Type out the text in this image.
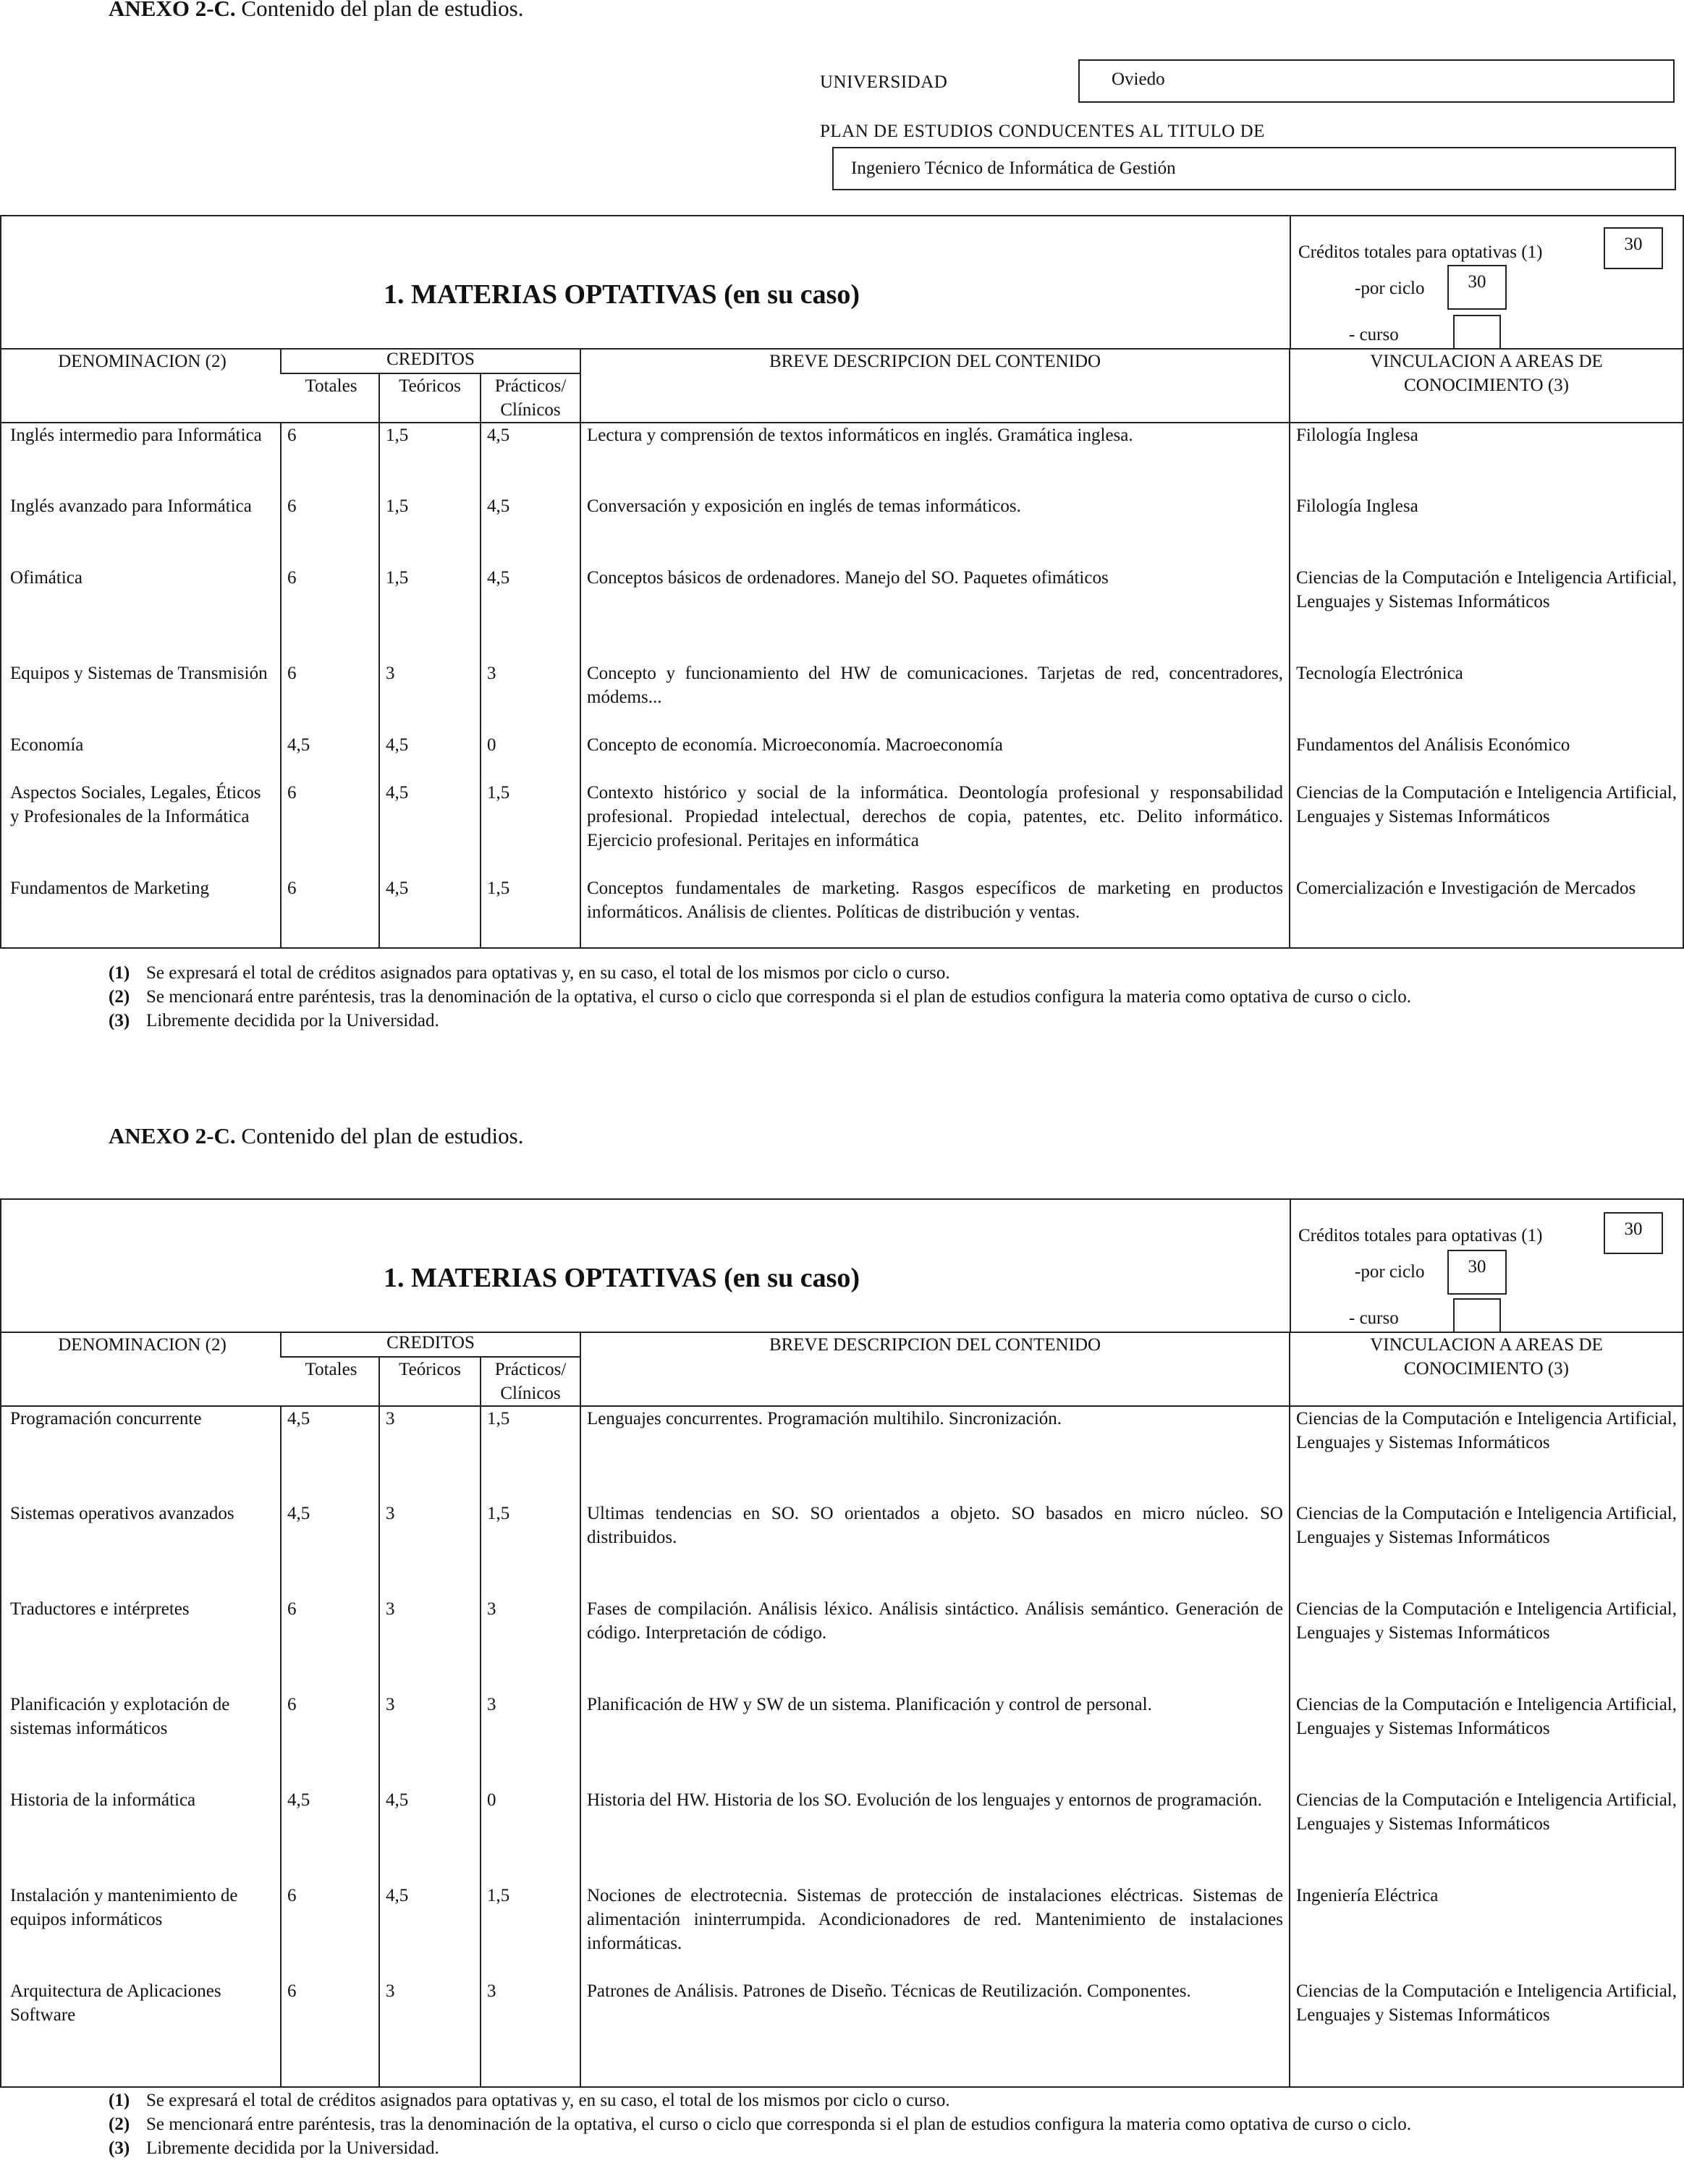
ANEXO 2-C. Contenido del plan de estudios.
UNIVERSIDAD	Oviedo
PLAN DE ESTUDIOS CONDUCENTES AL TITULO DE
Ingeniero Técnico de Informática de Gestión
1. MATERIAS OPTATIVAS (en su caso)
Créditos totales para optativas (1)	30
-por ciclo	30
- curso
DENOMINACION (2)	CREDITOS			BREVE DESCRIPCION DEL CONTENIDO	VINCULACION A AREAS DE
CONOCIMIENTO (3)

	Totales	Teóricos	Prácticos/
Clínicos		

Inglés intermedio para Informática	6	1,5	4,5	Lectura y comprensión de textos informáticos en inglés. Gramática inglesa.	Filología Inglesa
Inglés avanzado para Informática	6	1,5	4,5	Conversación y exposición en inglés de temas informáticos.	Filología Inglesa
Ofimática	6	1,5	4,5	Conceptos básicos de ordenadores. Manejo del SO. Paquetes ofimáticos	Ciencias de la Computación e Inteligencia Artificial, Lenguajes y Sistemas Informáticos
Equipos y Sistemas de Transmisión	6	3	3	Concepto y funcionamiento del HW de comunicaciones. Tarjetas de red, concentradores, módems...	Tecnología Electrónica
Economía	4,5	4,5	0	Concepto de economía. Microeconomía. Macroeconomía	Fundamentos del Análisis Económico
Aspectos Sociales, Legales, Éticos y Profesionales de la Informática	6	4,5	1,5	Contexto histórico y social de la informática. Deontología profesional y responsabilidad profesional. Propiedad intelectual, derechos de copia, patentes, etc. Delito informático. Ejercicio profesional. Peritajes en informática	Ciencias de la Computación e Inteligencia Artificial, Lenguajes y Sistemas Informáticos
Fundamentos de Marketing	6	4,5	1,5	Conceptos fundamentales de marketing. Rasgos específicos de marketing en productos informáticos. Análisis de clientes. Políticas de distribución y ventas.	Comercialización e Investigación de Mercados
(1) Se expresará el total de créditos asignados para optativas y, en su caso, el total de los mismos por ciclo o curso.
(2) Se mencionará entre paréntesis, tras la denominación de la optativa, el curso o ciclo que corresponda si el plan de estudios configura la materia como optativa de curso o ciclo.
(3) Libremente decidida por la Universidad.
ANEXO 2-C. Contenido del plan de estudios.
1. MATERIAS OPTATIVAS (en su caso)
Créditos totales para optativas (1)	30
-por ciclo	30
- curso
DENOMINACION (2)	CREDITOS			BREVE DESCRIPCION DEL CONTENIDO	VINCULACION A AREAS DE
CONOCIMIENTO (3)

	Totales	Teóricos	Prácticos/
Clínicos		

Programación concurrente	4,5	3	1,5	Lenguajes concurrentes. Programación multihilo. Sincronización.	Ciencias de la Computación e Inteligencia Artificial, Lenguajes y Sistemas Informáticos
Sistemas operativos avanzados	4,5	3	1,5	Ultimas tendencias en SO. SO orientados a objeto. SO basados en micro núcleo. SO distribuidos.	Ciencias de la Computación e Inteligencia Artificial, Lenguajes y Sistemas Informáticos
Traductores e intérpretes	6	3	3	Fases de compilación. Análisis léxico. Análisis sintáctico. Análisis semántico. Generación de código. Interpretación de código.	Ciencias de la Computación e Inteligencia Artificial, Lenguajes y Sistemas Informáticos
Planificación y explotación de sistemas informáticos	6	3	3	Planificación de HW y SW de un sistema. Planificación y control de personal.	Ciencias de la Computación e Inteligencia Artificial, Lenguajes y Sistemas Informáticos
Historia de la informática	4,5	4,5	0	Historia del HW. Historia de los SO. Evolución de los lenguajes y entornos de programación.	Ciencias de la Computación e Inteligencia Artificial, Lenguajes y Sistemas Informáticos
Instalación y mantenimiento de equipos informáticos	6	4,5	1,5	Nociones de electrotecnia. Sistemas de protección de instalaciones eléctricas. Sistemas de alimentación ininterrumpida. Acondicionadores de red. Mantenimiento de instalaciones informáticas.	Ingeniería Eléctrica
Arquitectura de Aplicaciones Software	6	3	3	Patrones de Análisis. Patrones de Diseño. Técnicas de Reutilización. Componentes.	Ciencias de la Computación e Inteligencia Artificial, Lenguajes y Sistemas Informáticos
(1) Se expresará el total de créditos asignados para optativas y, en su caso, el total de los mismos por ciclo o curso.
(2) Se mencionará entre paréntesis, tras la denominación de la optativa, el curso o ciclo que corresponda si el plan de estudios configura la materia como optativa de curso o ciclo.
(3) Libremente decidida por la Universidad.
